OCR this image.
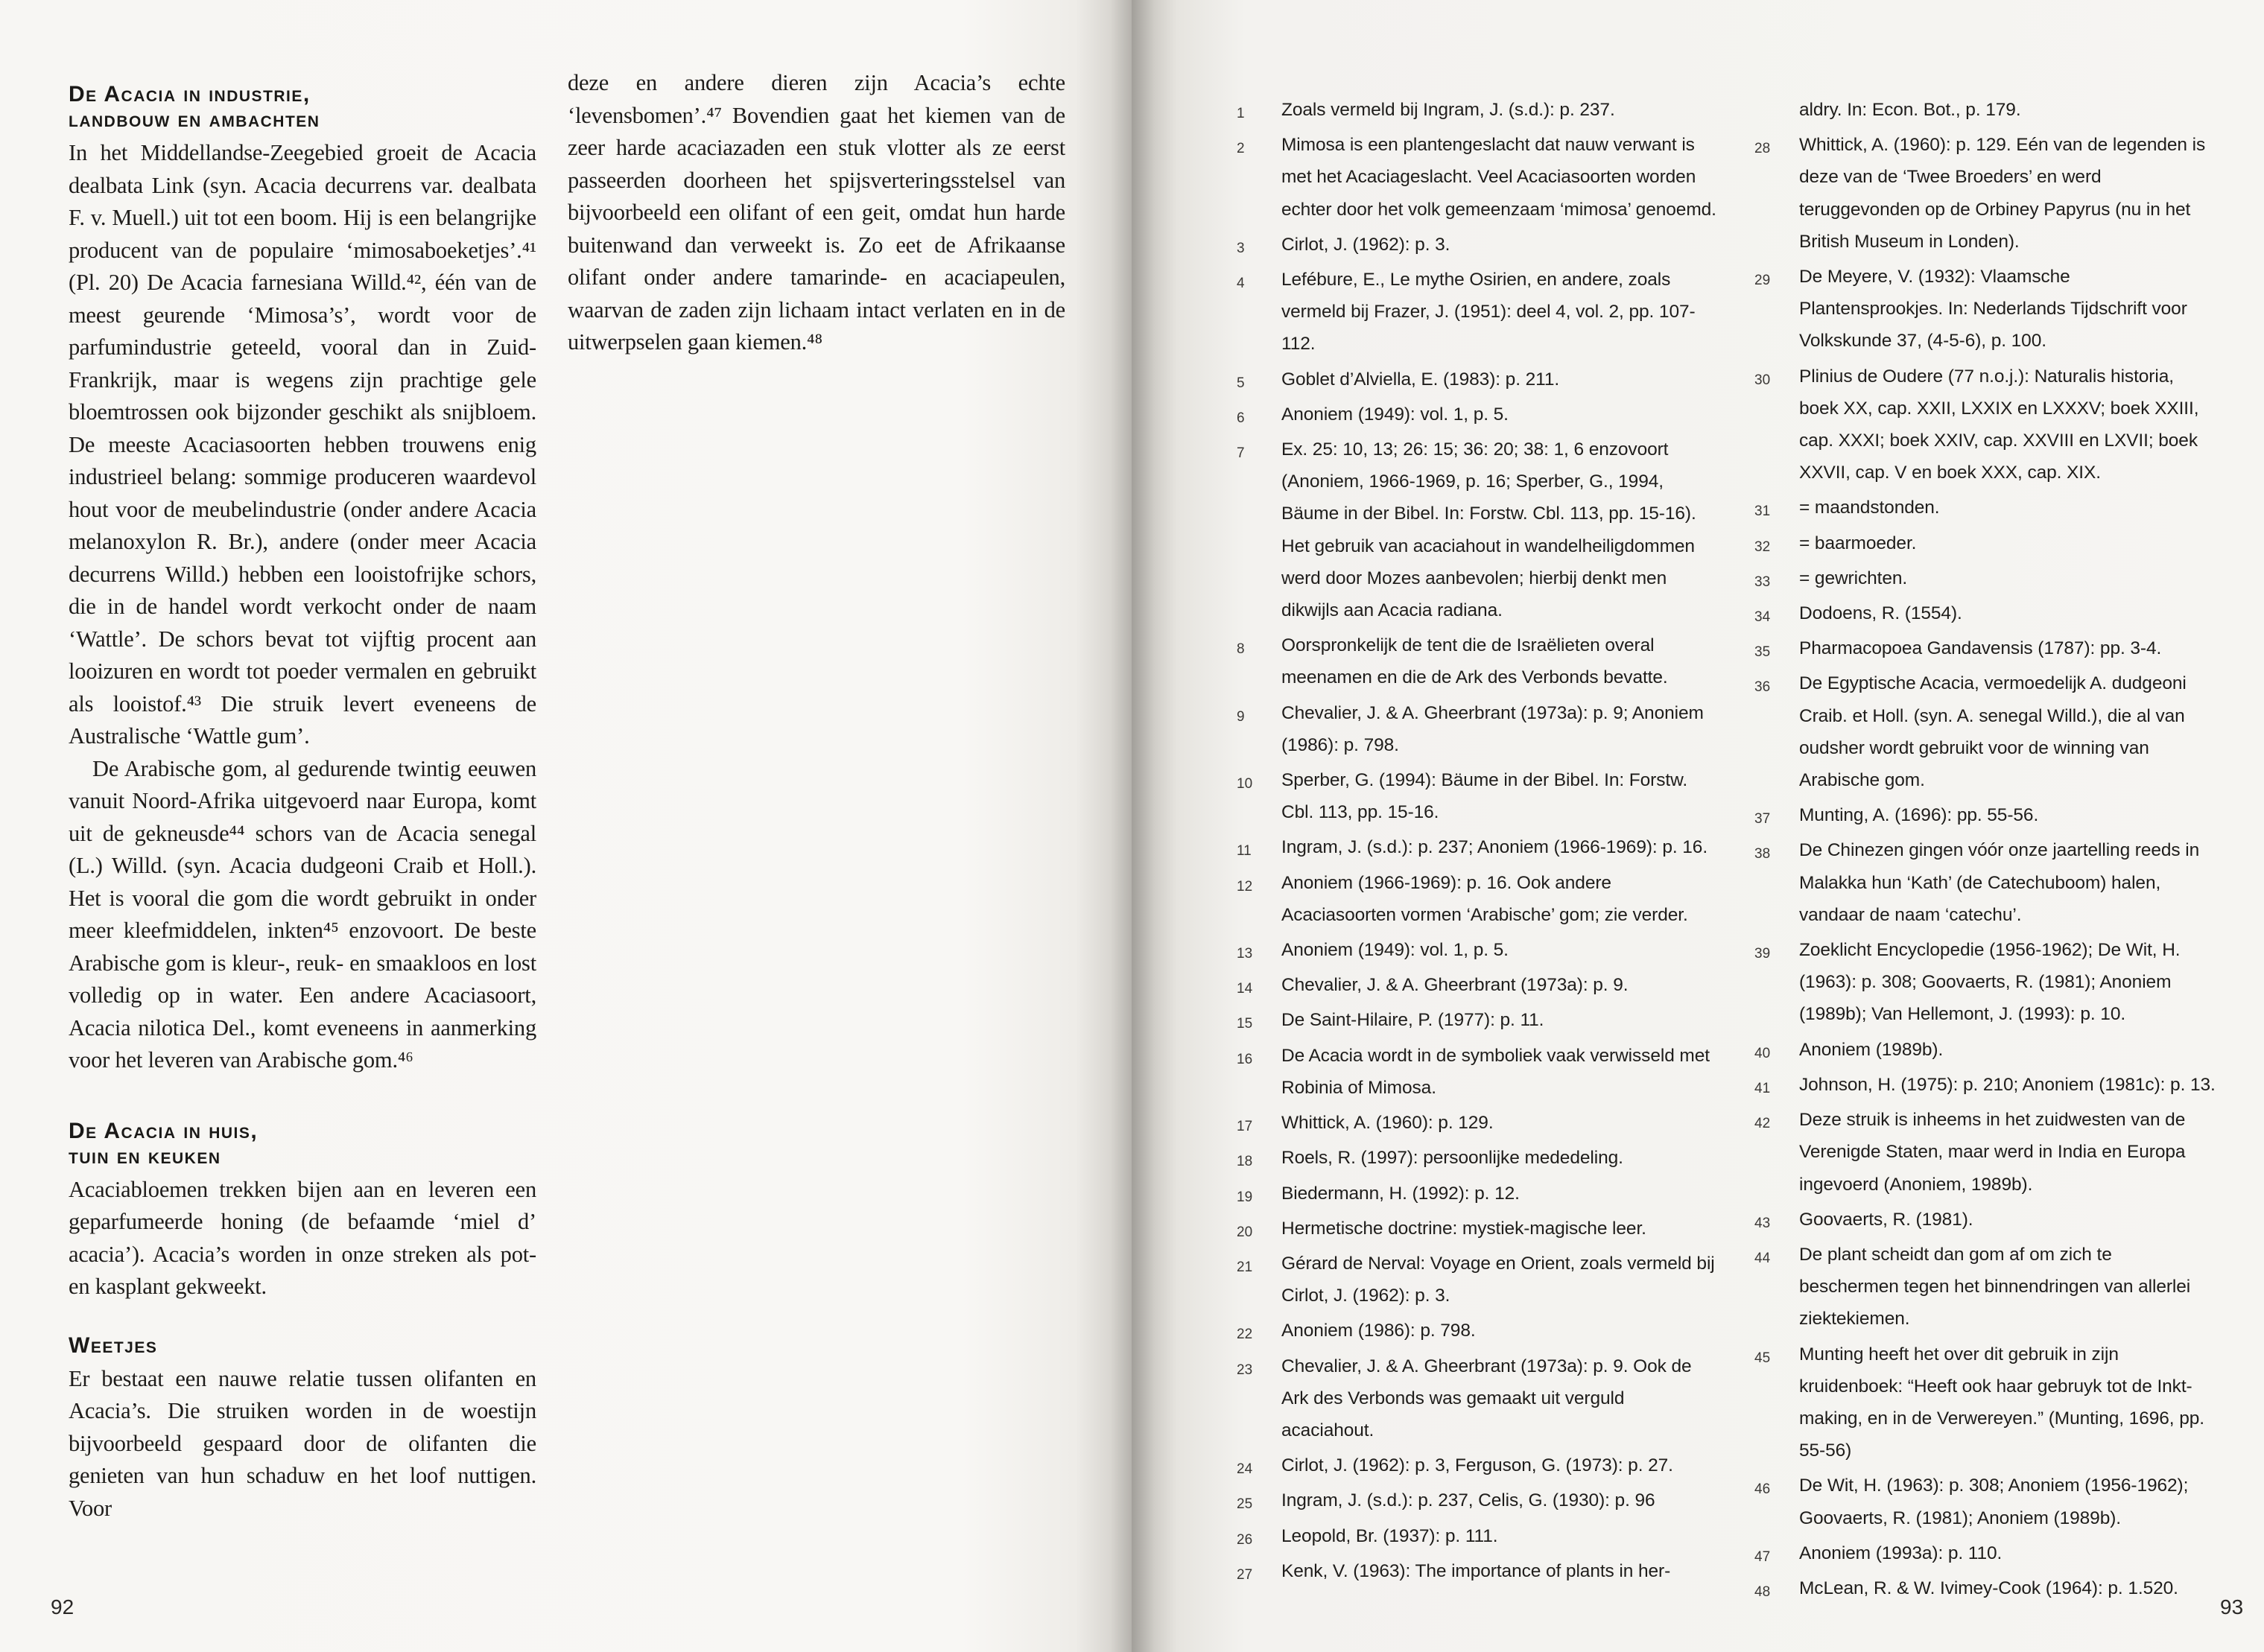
De Acacia in industrie,
landbouw en ambachten

In het Middellandse-Zeegebied groeit de Acacia dealbata Link (syn. Acacia decurrens var. dealbata F. v. Muell.) uit tot een boom. Hij is een belangrijke producent van de populaire ‘mimosaboeketjes’.⁴¹ (Pl. 20) De Acacia farnesiana Willd.⁴², één van de meest geurende ‘Mimosa’s’, wordt voor de parfumindustrie geteeld, vooral dan in Zuid-Frankrijk, maar is wegens zijn prachtige gele bloemtrossen ook bijzonder geschikt als snijbloem. De meeste Acaciasoorten hebben trouwens enig industrieel belang: sommige produceren waardevol hout voor de meubelindustrie (onder andere Acacia melanoxylon R. Br.), andere (onder meer Acacia decurrens Willd.) hebben een looistofrijke schors, die in de handel wordt verkocht onder de naam ‘Wattle’. De schors bevat tot vijftig procent aan looizuren en wordt tot poeder vermalen en gebruikt als looistof.⁴³ Die struik levert eveneens de Australische ‘Wattle gum’.

De Arabische gom, al gedurende twintig eeuwen vanuit Noord-Afrika uitgevoerd naar Europa, komt uit de gekneusde⁴⁴ schors van de Acacia senegal (L.) Willd. (syn. Acacia dudgeoni Craib et Holl.). Het is vooral die gom die wordt gebruikt in onder meer kleefmiddelen, inkten⁴⁵ enzovoort. De beste Arabische gom is kleur-, reuk- en smaakloos en lost volledig op in water. Een andere Acaciasoort, Acacia nilotica Del., komt eveneens in aanmerking voor het leveren van Arabische gom.⁴⁶

De Acacia in huis,
tuin en keuken

Acaciabloemen trekken bijen aan en leveren een geparfumeerde honing (de befaamde ‘miel d’ acacia’). Acacia’s worden in onze streken als pot- en kasplant gekweekt.

Weetjes

Er bestaat een nauwe relatie tussen olifanten en Acacia’s. Die struiken worden in de woestijn bijvoorbeeld gespaard door de olifanten die genieten van hun schaduw en het loof nuttigen. Voor

deze en andere dieren zijn Acacia’s echte ‘levensbomen’.⁴⁷ Bovendien gaat het kiemen van de zeer harde acaciazaden een stuk vlotter als ze eerst passeerden doorheen het spijsverteringsstelsel van bijvoorbeeld een olifant of een geit, omdat hun harde buitenwand dan verweekt is. Zo eet de Afrikaanse olifant onder andere tamarinde- en acaciapeulen, waarvan de zaden zijn lichaam intact verlaten en in de uitwerpselen gaan kiemen.⁴⁸

92
1	Zoals vermeld bij Ingram, J. (s.d.): p. 237.
2	Mimosa is een plantengeslacht dat nauw verwant is met het Acaciageslacht. Veel Acaciasoorten worden echter door het volk gemeenzaam ‘mimosa’ genoemd.
3	Cirlot, J. (1962): p. 3.
4	Lefébure, E., Le mythe Osirien, en andere, zoals vermeld bij Frazer, J. (1951): deel 4, vol. 2, pp. 107-112.
5	Goblet d’Alviella, E. (1983): p. 211.
6	Anoniem (1949): vol. 1, p. 5.
7	Ex. 25: 10, 13; 26: 15; 36: 20; 38: 1, 6 enzovoort (Anoniem, 1966-1969, p. 16; Sperber, G., 1994, Bäume in der Bibel. In: Forstw. Cbl. 113, pp. 15-16). Het gebruik van acaciahout in wandelheiligdommen werd door Mozes aanbevolen; hierbij denkt men dikwijls aan Acacia radiana.
8	Oorspronkelijk de tent die de Israëlieten overal meenamen en die de Ark des Verbonds bevatte.
9	Chevalier, J. & A. Gheerbrant (1973a): p. 9; Anoniem (1986): p. 798.
10	Sperber, G. (1994): Bäume in der Bibel. In: Forstw. Cbl. 113, pp. 15-16.
11	Ingram, J. (s.d.): p. 237; Anoniem (1966-1969): p. 16.
12	Anoniem (1966-1969): p. 16. Ook andere Acaciasoorten vormen ‘Arabische’ gom; zie verder.
13	Anoniem (1949): vol. 1, p. 5.
14	Chevalier, J. & A. Gheerbrant (1973a): p. 9.
15	De Saint-Hilaire, P. (1977): p. 11.
16	De Acacia wordt in de symboliek vaak verwisseld met Robinia of Mimosa.
17	Whittick, A. (1960): p. 129.
18	Roels, R. (1997): persoonlijke mededeling.
19	Biedermann, H. (1992): p. 12.
20	Hermetische doctrine: mystiek-magische leer.
21	Gérard de Nerval: Voyage en Orient, zoals vermeld bij Cirlot, J. (1962): p. 3.
22	Anoniem (1986): p. 798.
23	Chevalier, J. & A. Gheerbrant (1973a): p. 9. Ook de Ark des Verbonds was gemaakt uit verguld acaciahout.
24	Cirlot, J. (1962): p. 3, Ferguson, G. (1973): p. 27.
25	Ingram, J. (s.d.): p. 237, Celis, G. (1930): p. 96
26	Leopold, Br. (1937): p. 111.
27	Kenk, V. (1963): The importance of plants in her-
aldry. In: Econ. Bot., p. 179.
28	Whittick, A. (1960): p. 129. Eén van de legenden is deze van de ‘Twee Broeders’ en werd teruggevonden op de Orbiney Papyrus (nu in het British Museum in Londen).
29	De Meyere, V. (1932): Vlaamsche Plantensprookjes. In: Nederlands Tijdschrift voor Volkskunde 37, (4-5-6), p. 100.
30	Plinius de Oudere (77 n.o.j.): Naturalis historia, boek XX, cap. XXII, LXXIX en LXXXV; boek XXIII, cap. XXXI; boek XXIV, cap. XXVIII en LXVII; boek XXVII, cap. V en boek XXX, cap. XIX.
31	= maandstonden.
32	= baarmoeder.
33	= gewrichten.
34	Dodoens, R. (1554).
35	Pharmacopoea Gandavensis (1787): pp. 3-4.
36	De Egyptische Acacia, vermoedelijk A. dudgeoni Craib. et Holl. (syn. A. senegal Willd.), die al van oudsher wordt gebruikt voor de winning van Arabische gom.
37	Munting, A. (1696): pp. 55-56.
38	De Chinezen gingen vóór onze jaartelling reeds in Malakka hun ‘Kath’ (de Catechuboom) halen, vandaar de naam ‘catechu’.
39	Zoeklicht Encyclopedie (1956-1962); De Wit, H. (1963): p. 308; Goovaerts, R. (1981); Anoniem (1989b); Van Hellemont, J. (1993): p. 10.
40	Anoniem (1989b).
41	Johnson, H. (1975): p. 210; Anoniem (1981c): p. 13.
42	Deze struik is inheems in het zuidwesten van de Verenigde Staten, maar werd in India en Europa ingevoerd (Anoniem, 1989b).
43	Goovaerts, R. (1981).
44	De plant scheidt dan gom af om zich te beschermen tegen het binnendringen van allerlei ziektekiemen.
45	Munting heeft het over dit gebruik in zijn kruidenboek: “Heeft ook haar gebruyk tot de Inkt-making, en in de Verwereyen.” (Munting, 1696, pp. 55-56)
46	De Wit, H. (1963): p. 308; Anoniem (1956-1962); Goovaerts, R. (1981); Anoniem (1989b).
47	Anoniem (1993a): p. 110.
48	McLean, R. & W. Ivimey-Cook (1964): p. 1.520.
93
